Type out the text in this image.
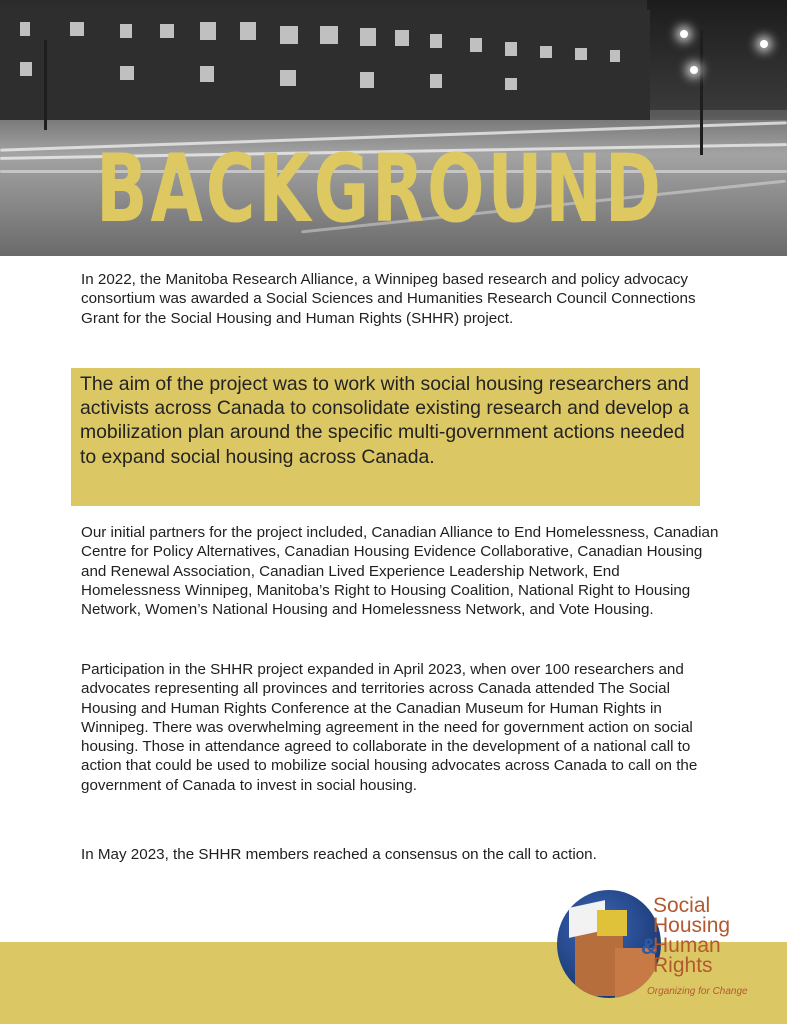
BACKGROUND

In 2022, the Manitoba Research Alliance, a Winnipeg based research and policy advocacy consortium was awarded a Social Sciences and Humanities Research Council Connections Grant for the Social Housing and Human Rights (SHHR) project.

The aim of the project was to work with social housing researchers and activists across Canada to consolidate existing research and develop a mobilization plan around the specific multi-government actions needed to expand social housing across Canada.

Our initial partners for the project included, Canadian Alliance to End Homelessness, Canadian Centre for Policy Alternatives, Canadian Housing Evidence Collaborative, Canadian Housing and Renewal Association, Canadian Lived Experience Leadership Network, End Homelessness Winnipeg, Manitoba’s Right to Housing Coalition, National Right to Housing Network, Women’s National Housing and Homelessness Network, and Vote Housing.

Participation in the SHHR project expanded in April 2023, when over 100 researchers and advocates representing all provinces and territories across Canada attended The Social Housing and Human Rights Conference at the Canadian Museum for Human Rights in Winnipeg. There was overwhelming agreement in the need for government action on social housing. Those in attendance agreed to collaborate in the development of a national call to action that could be used to mobilize social housing advocates across Canada to call on the government of Canada to invest in social housing.

In May 2023, the SHHR members reached a consensus on the call to action.

Social
Housing
Human
Rights
&
Organizing for Change
